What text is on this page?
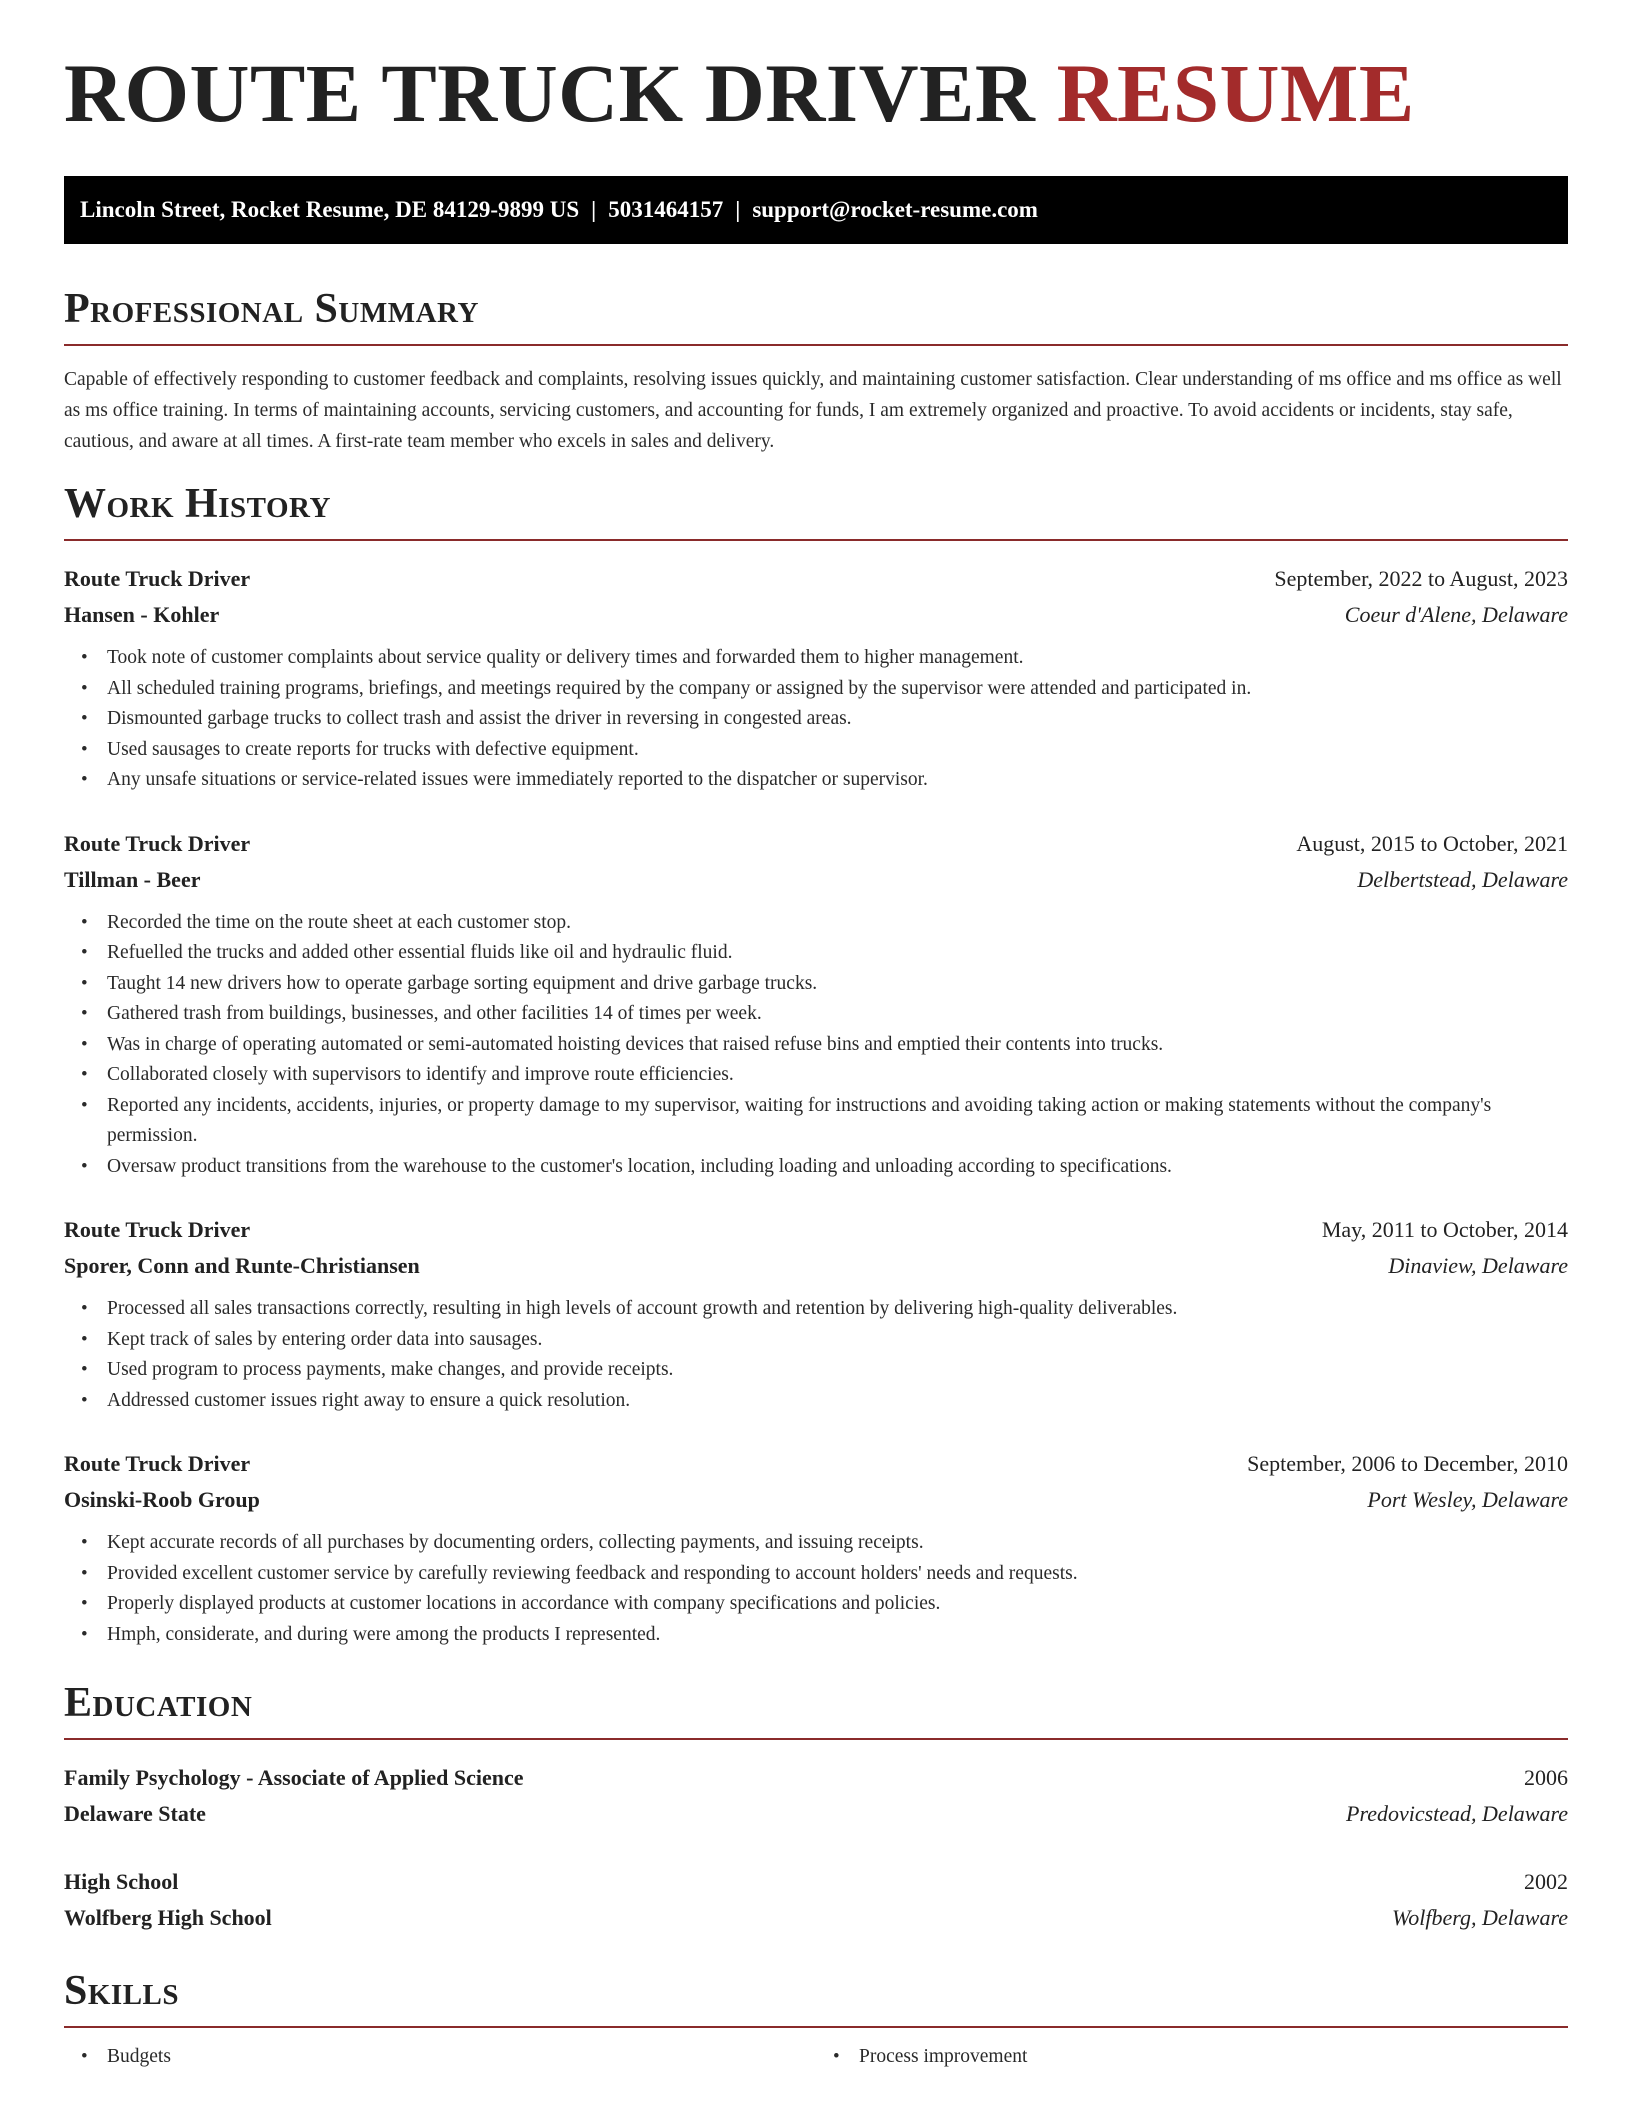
ROUTE TRUCK DRIVER RESUME
Lincoln Street, Rocket Resume, DE 84129-9899 US | 5031464157 | support@rocket-resume.com
Professional Summary

Capable of effectively responding to customer feedback and complaints, resolving issues quickly, and maintaining customer satisfaction. Clear understanding of ms office and ms office as well as ms office training. In terms of maintaining accounts, servicing customers, and accounting for funds, I am extremely organized and proactive. To avoid accidents or incidents, stay safe, cautious, and aware at all times. A first-rate team member who excels in sales and delivery.

Work History
Route Truck Driver	September, 2022 to August, 2023
Hansen - Kohler	Coeur d'Alene, Delaware
• Took note of customer complaints about service quality or delivery times and forwarded them to higher management.
• All scheduled training programs, briefings, and meetings required by the company or assigned by the supervisor were attended and participated in.
• Dismounted garbage trucks to collect trash and assist the driver in reversing in congested areas.
• Used sausages to create reports for trucks with defective equipment.
• Any unsafe situations or service-related issues were immediately reported to the dispatcher or supervisor.
Route Truck Driver	August, 2015 to October, 2021
Tillman - Beer	Delbertstead, Delaware
• Recorded the time on the route sheet at each customer stop.
• Refuelled the trucks and added other essential fluids like oil and hydraulic fluid.
• Taught 14 new drivers how to operate garbage sorting equipment and drive garbage trucks.
• Gathered trash from buildings, businesses, and other facilities 14 of times per week.
• Was in charge of operating automated or semi-automated hoisting devices that raised refuse bins and emptied their contents into trucks.
• Collaborated closely with supervisors to identify and improve route efficiencies.
• Reported any incidents, accidents, injuries, or property damage to my supervisor, waiting for instructions and avoiding taking action or making statements without the company's permission.
• Oversaw product transitions from the warehouse to the customer's location, including loading and unloading according to specifications.
Route Truck Driver	May, 2011 to October, 2014
Sporer, Conn and Runte-Christiansen	Dinaview, Delaware
• Processed all sales transactions correctly, resulting in high levels of account growth and retention by delivering high-quality deliverables.
• Kept track of sales by entering order data into sausages.
• Used program to process payments, make changes, and provide receipts.
• Addressed customer issues right away to ensure a quick resolution.
Route Truck Driver	September, 2006 to December, 2010
Osinski-Roob Group	Port Wesley, Delaware
• Kept accurate records of all purchases by documenting orders, collecting payments, and issuing receipts.
• Provided excellent customer service by carefully reviewing feedback and responding to account holders' needs and requests.
• Properly displayed products at customer locations in accordance with company specifications and policies.
• Hmph, considerate, and during were among the products I represented.
Education
Family Psychology - Associate of Applied Science	2006
Delaware State	Predovicstead, Delaware
High School	2002
Wolfberg High School	Wolfberg, Delaware
Skills
• Budgets
•	Process improvement
